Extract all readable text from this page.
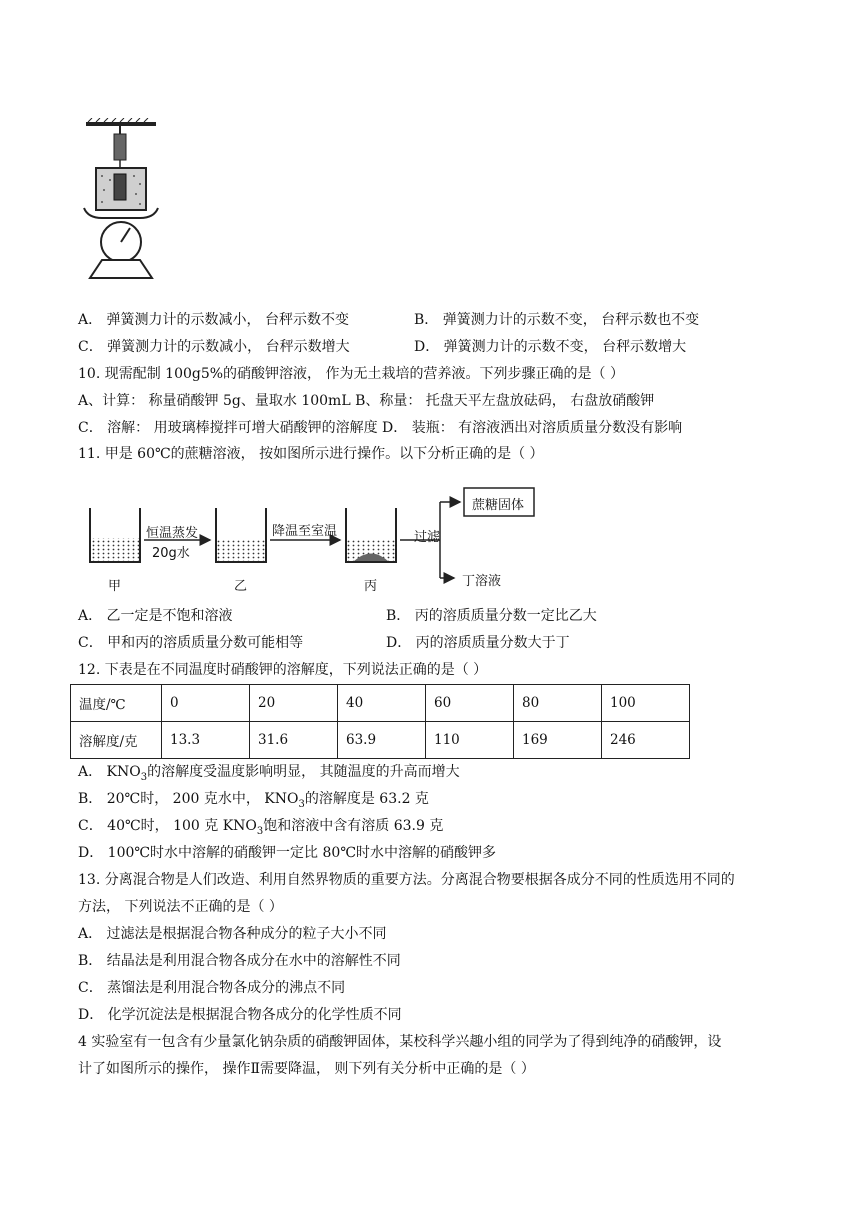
A． 弹簧测力计的示数减小， 台秤示数不变	B． 弹簧测力计的示数不变， 台秤示数也不变
C． 弹簧测力计的示数减小， 台秤示数增大	D． 弹簧测力计的示数不变， 台秤示数增大
10. 现需配制 100g5%的硝酸钾溶液， 作为无土栽培的营养液。下列步骤正确的是（ ）
A、计算： 称量硝酸钾 5g、量取水 100mL B、称量： 托盘天平左盘放砝码， 右盘放硝酸钾
C． 溶解： 用玻璃棒搅拌可增大硝酸钾的溶解度 D． 装瓶： 有溶液洒出对溶质质量分数没有影响
11. 甲是 60℃的蔗糖溶液， 按如图所示进行操作。以下分析正确的是（ ）
恒温蒸发
20g水
降温至室温	过滤
蔗糖固体
丁溶液
甲	乙	丙
A． 乙一定是不饱和溶液	B． 丙的溶质质量分数一定比乙大
C． 甲和丙的溶质质量分数可能相等	D． 丙的溶质质量分数大于丁
12. 下表是在不同温度时硝酸钾的溶解度，下列说法正确的是（ ）
温度/℃	0	20	40	60	80	100
溶解度/克	13.3	31.6	63.9	110	169	246
A． $KNO_3$的溶解度受温度影响明显， 其随温度的升高而增大
B． 20℃时， 200 克水中， $KNO_3$的溶解度是 63.2 克
C． 40℃时， 100 克 $KNO_3$饱和溶液中含有溶质 63.9 克
D． 100℃时水中溶解的硝酸钾一定比 80℃时水中溶解的硝酸钾多
13. 分离混合物是人们改造、利用自然界物质的重要方法。分离混合物要根据各成分不同的性质选用不同的
方法， 下列说法不正确的是（ ）
A． 过滤法是根据混合物各种成分的粒子大小不同
B． 结晶法是利用混合物各成分在水中的溶解性不同
C． 蒸馏法是利用混合物各成分的沸点不同
D． 化学沉淀法是根据混合物各成分的化学性质不同
4 实验室有一包含有少量氯化钠杂质的硝酸钾固体，某校科学兴趣小组的同学为了得到纯净的硝酸钾，设
计了如图所示的操作， 操作Ⅱ需要降温， 则下列有关分析中正确的是（ ）
